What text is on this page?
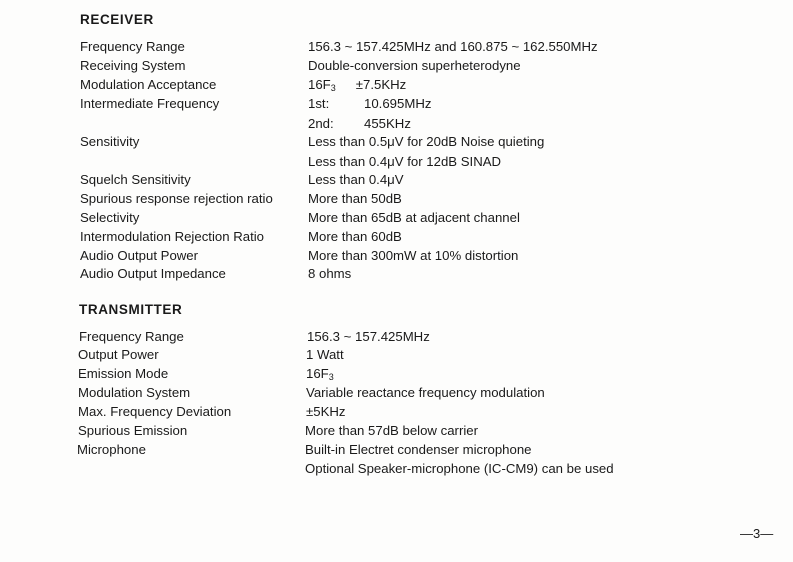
RECEIVER
Frequency Range	156.3 ~ 157.425MHz and 160.875 ~ 162.550MHz
Receiving System	Double-conversion superheterodyne
Modulation Acceptance	$16F_3 \pm 7.5KHz$
Intermediate Frequency	1st:	10.695MHz
2nd: 455KHz
Sensitivity	Less than 0.5μV for 20dB Noise quieting
Less than 0.4μV for 12dB SINAD
Squelch Sensitivity	Less than 0.4μV
Spurious response rejection ratio	More than 50dB
Selectivity	More than 65dB at adjacent channel
Intermodulation Rejection Ratio	More than 60dB
Audio Output Power	More than 300mW at 10% distortion
Audio Output Impedance	8 ohms
TRANSMITTER
Frequency Range	156.3 ~ 157.425MHz
Output Power	1 Watt
Emission Mode	$16F_3$
Modulation System	Variable reactance frequency modulation
Max. Frequency Deviation	±5KHz
Spurious Emission	More than 57dB below carrier
Microphone	Built-in Electret condenser microphone
Optional Speaker-microphone (IC-CM9) can be used
—3—
